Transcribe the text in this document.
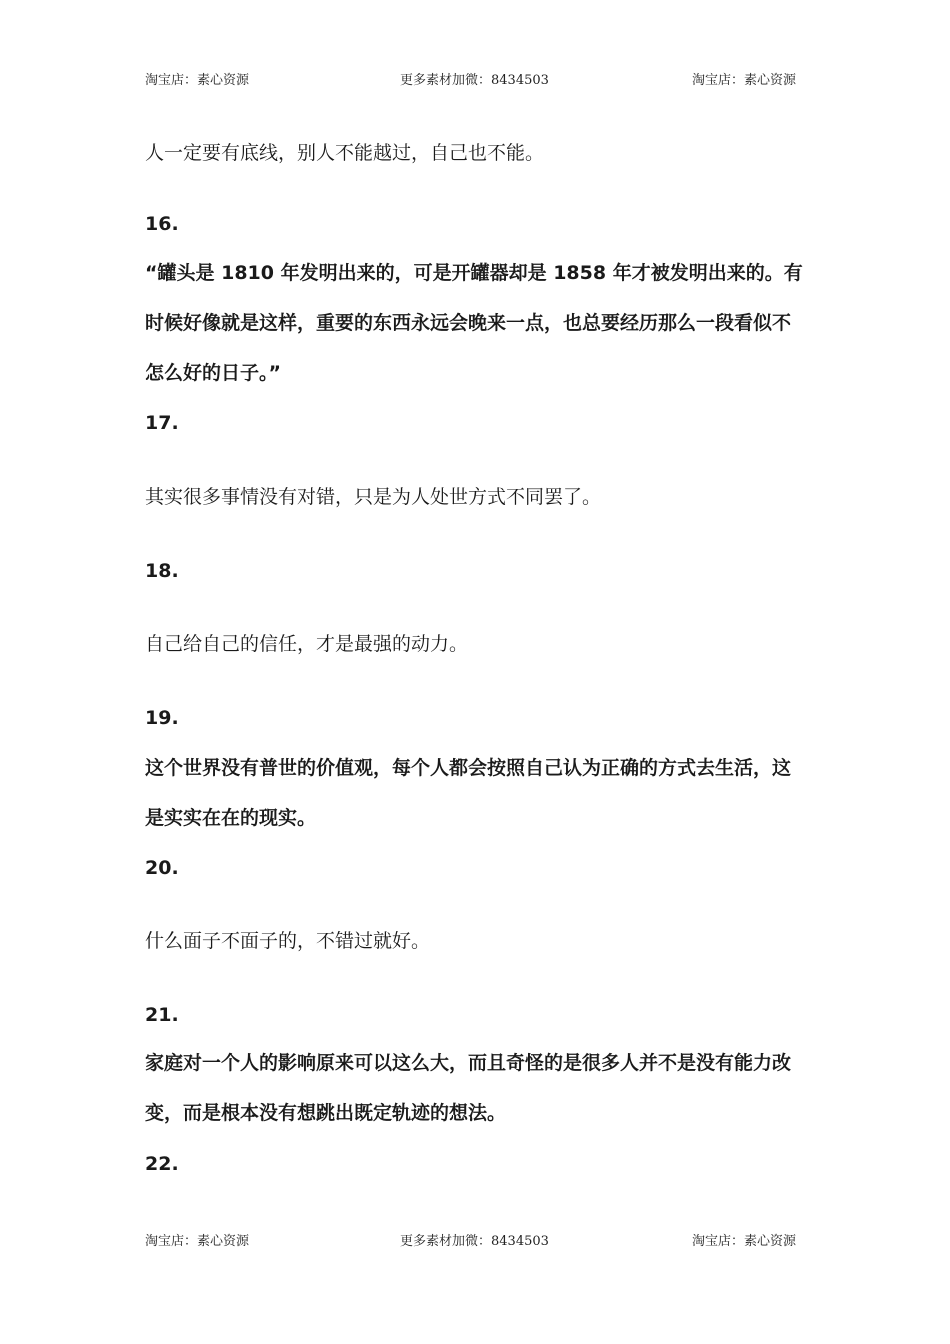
淘宝店：素心资源	更多素材加微：8434503	淘宝店：素心资源
人一定要有底线，别人不能越过，自己也不能。
16.
“罐头是 1810 年发明出来的，可是开罐器却是 1858 年才被发明出来的。有
时候好像就是这样，重要的东西永远会晚来一点，也总要经历那么一段看似不
怎么好的日子。”
17.
其实很多事情没有对错，只是为人处世方式不同罢了。
18.
自己给自己的信任，才是最强的动力。
19.
这个世界没有普世的价值观，每个人都会按照自己认为正确的方式去生活，这
是实实在在的现实。
20.
什么面子不面子的，不错过就好。
21.
家庭对一个人的影响原来可以这么大，而且奇怪的是很多人并不是没有能力改
变，而是根本没有想跳出既定轨迹的想法。
22.
淘宝店：素心资源	更多素材加微：8434503	淘宝店：素心资源
